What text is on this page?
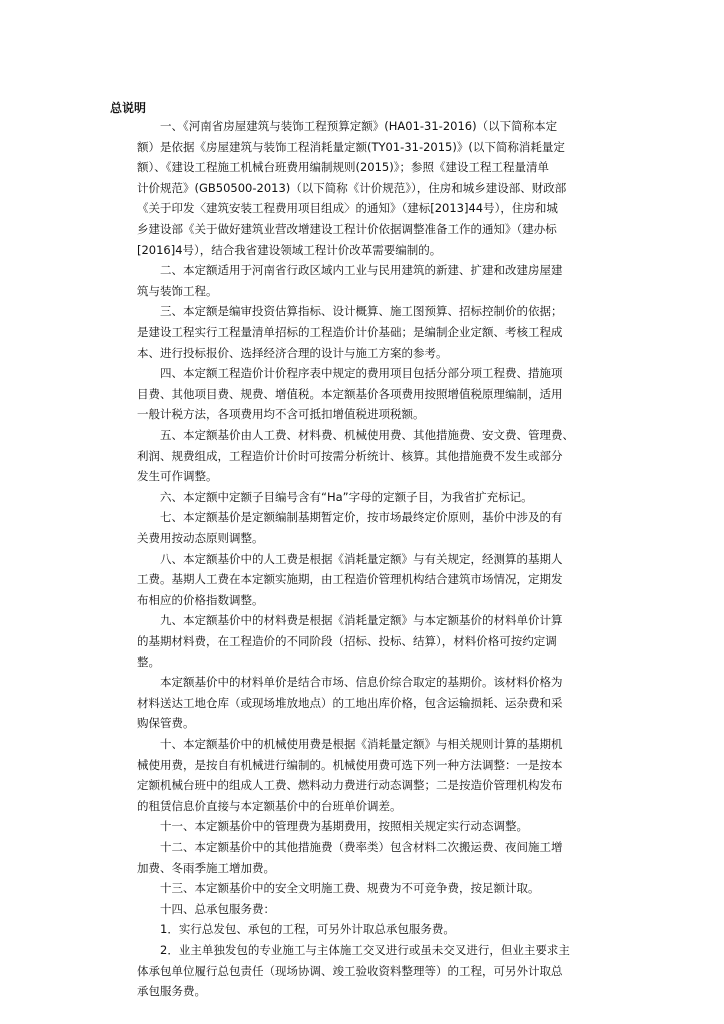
总说明
一、《河南省房屋建筑与装饰工程预算定额》(HA01-31-2016)（以下简称本定
额）是依据《房屋建筑与装饰工程消耗量定额(TY01-31-2015)》(以下简称消耗量定
额）、《建设工程施工机械台班费用编制规则(2015)》；参照《建设工程工程量清单
计价规范》(GB50500-2013)（以下简称《计价规范》），住房和城乡建设部、财政部
《关于印发〈建筑安装工程费用项目组成〉的通知》（建标[2013]44号），住房和城
乡建设部《关于做好建筑业营改增建设工程计价依据调整准备工作的通知》（建办标
[2016]4号），结合我省建设领域工程计价改革需要编制的。
二、本定额适用于河南省行政区域内工业与民用建筑的新建、扩建和改建房屋建
筑与装饰工程。
三、本定额是编审投资估算指标、设计概算、施工图预算、招标控制价的依据；
是建设工程实行工程量清单招标的工程造价计价基础；是编制企业定额、考核工程成
本、进行投标报价、选择经济合理的设计与施工方案的参考。
四、本定额工程造价计价程序表中规定的费用项目包括分部分项工程费、措施项
目费、其他项目费、规费、增值税。本定额基价各项费用按照增值税原理编制，适用
一般计税方法，各项费用均不含可抵扣增值税进项税额。
五、本定额基价由人工费、材料费、机械使用费、其他措施费、安文费、管理费、
利润、规费组成，工程造价计价时可按需分析统计、核算。其他措施费不发生或部分
发生可作调整。
六、本定额中定额子目编号含有“Ha”字母的定额子目，为我省扩充标记。
七、本定额基价是定额编制基期暂定价，按市场最终定价原则，基价中涉及的有
关费用按动态原则调整。
八、本定额基价中的人工费是根据《消耗量定额》与有关规定，经测算的基期人
工费。基期人工费在本定额实施期，由工程造价管理机构结合建筑市场情况，定期发
布相应的价格指数调整。
九、本定额基价中的材料费是根据《消耗量定额》与本定额基价的材料单价计算
的基期材料费，在工程造价的不同阶段（招标、投标、结算），材料价格可按约定调
整。
本定额基价中的材料单价是结合市场、信息价综合取定的基期价。该材料价格为
材料送达工地仓库（或现场堆放地点）的工地出库价格，包含运输损耗、运杂费和采
购保管费。
十、本定额基价中的机械使用费是根据《消耗量定额》与相关规则计算的基期机
械使用费，是按自有机械进行编制的。机械使用费可选下列一种方法调整：一是按本
定额机械台班中的组成人工费、燃料动力费进行动态调整；二是按造价管理机构发布
的租赁信息价直接与本定额基价中的台班单价调差。
十一、本定额基价中的管理费为基期费用，按照相关规定实行动态调整。
十二、本定额基价中的其他措施费（费率类）包含材料二次搬运费、夜间施工增
加费、冬雨季施工增加费。
十三、本定额基价中的安全文明施工费、规费为不可竞争费，按足额计取。
十四、总承包服务费：
1．实行总发包、承包的工程，可另外计取总承包服务费。
2．业主单独发包的专业施工与主体施工交叉进行或虽未交叉进行，但业主要求主
体承包单位履行总包责任（现场协调、竣工验收资料整理等）的工程，可另外计取总
承包服务费。
